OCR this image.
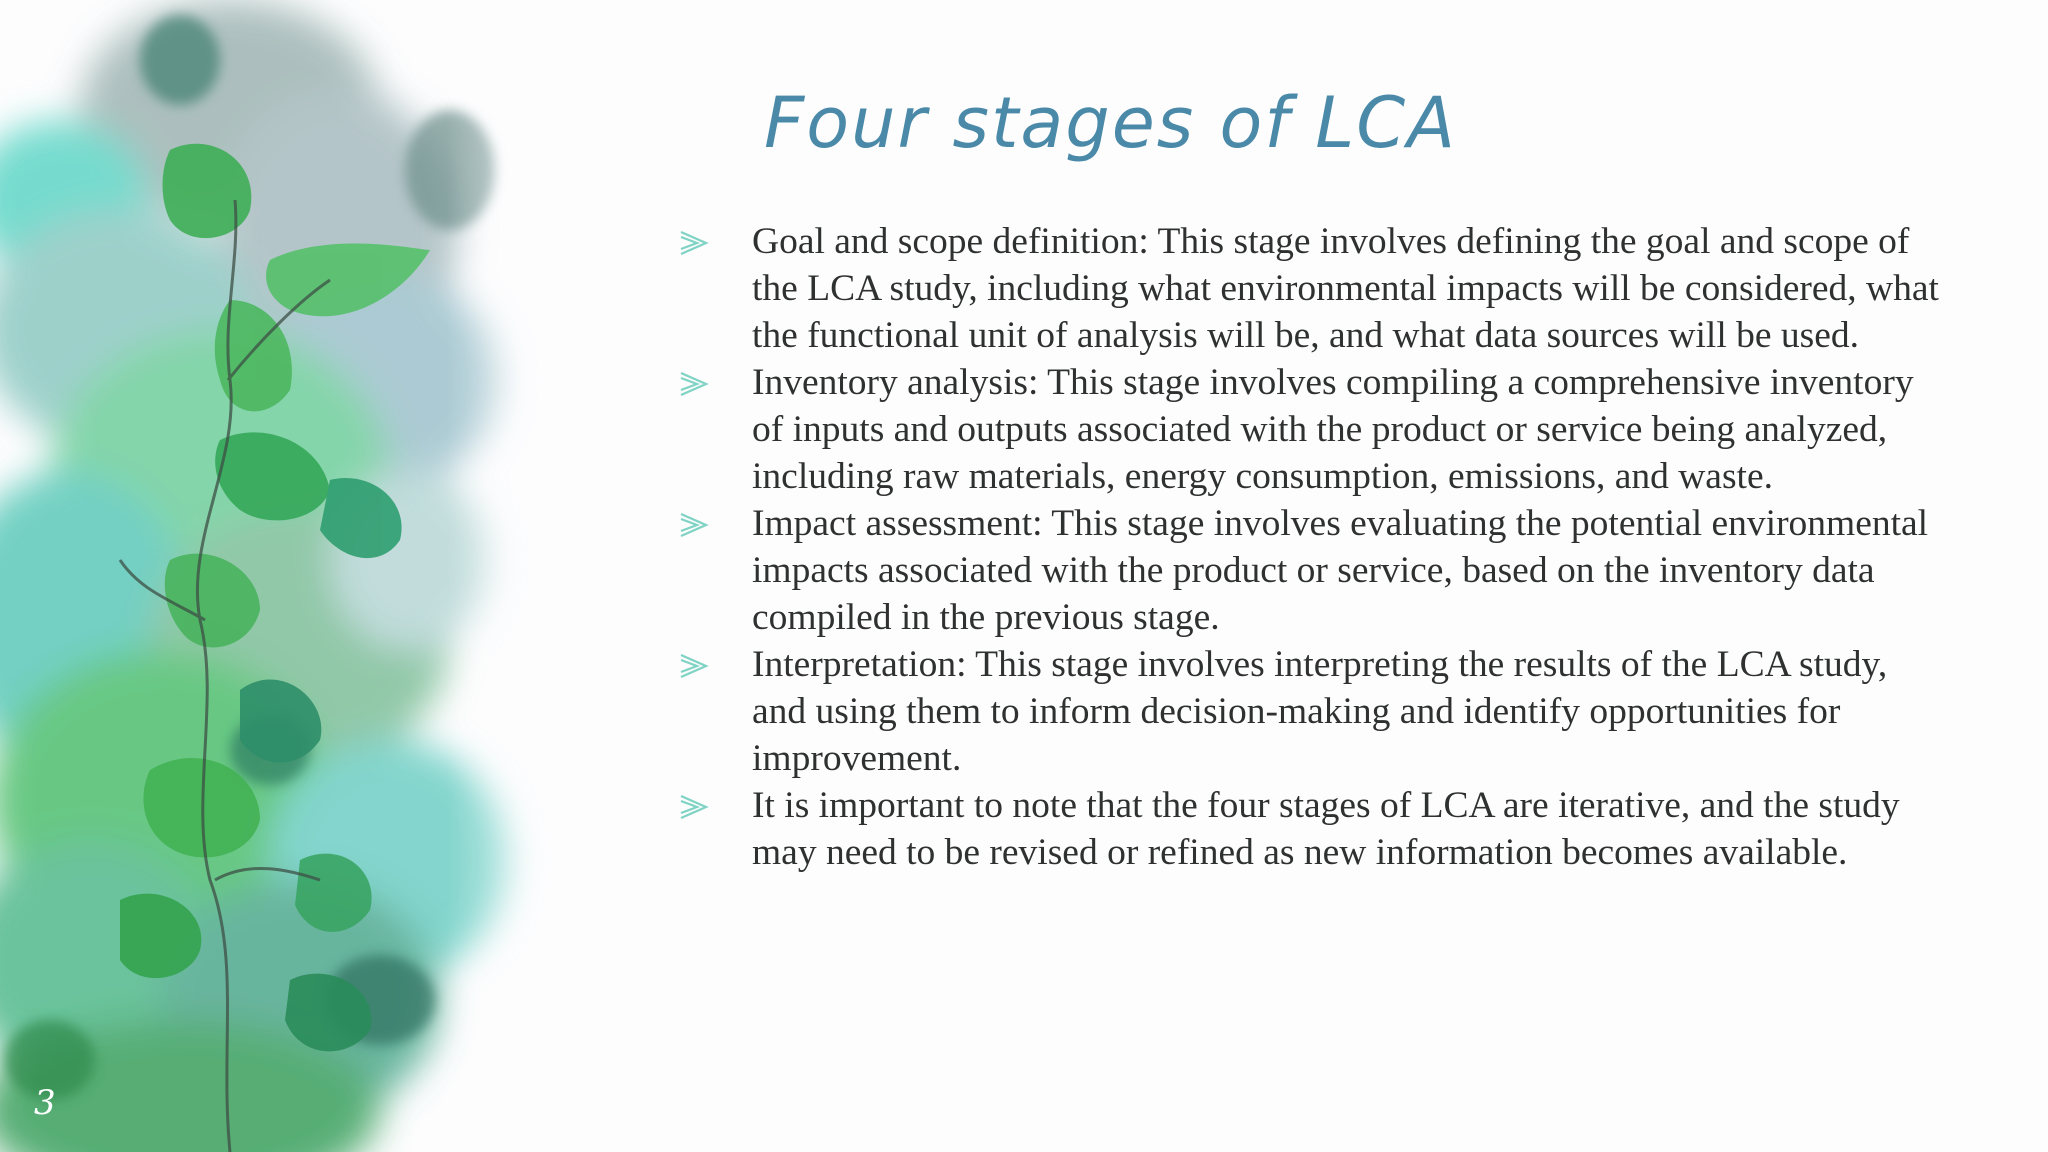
3
Four stages of LCA
Goal and scope definition: This stage involves defining the goal and scope of the LCA study, including what environmental impacts will be considered, what the functional unit of analysis will be, and what data sources will be used.
Inventory analysis: This stage involves compiling a comprehensive inventory of inputs and outputs associated with the product or service being analyzed, including raw materials, energy consumption, emissions, and waste.
Impact assessment: This stage involves evaluating the potential environmental impacts associated with the product or service, based on the inventory data compiled in the previous stage.
Interpretation: This stage involves interpreting the results of the LCA study, and using them to inform decision-making and identify opportunities for improvement.
It is important to note that the four stages of LCA are iterative, and the study may need to be revised or refined as new information becomes available.
